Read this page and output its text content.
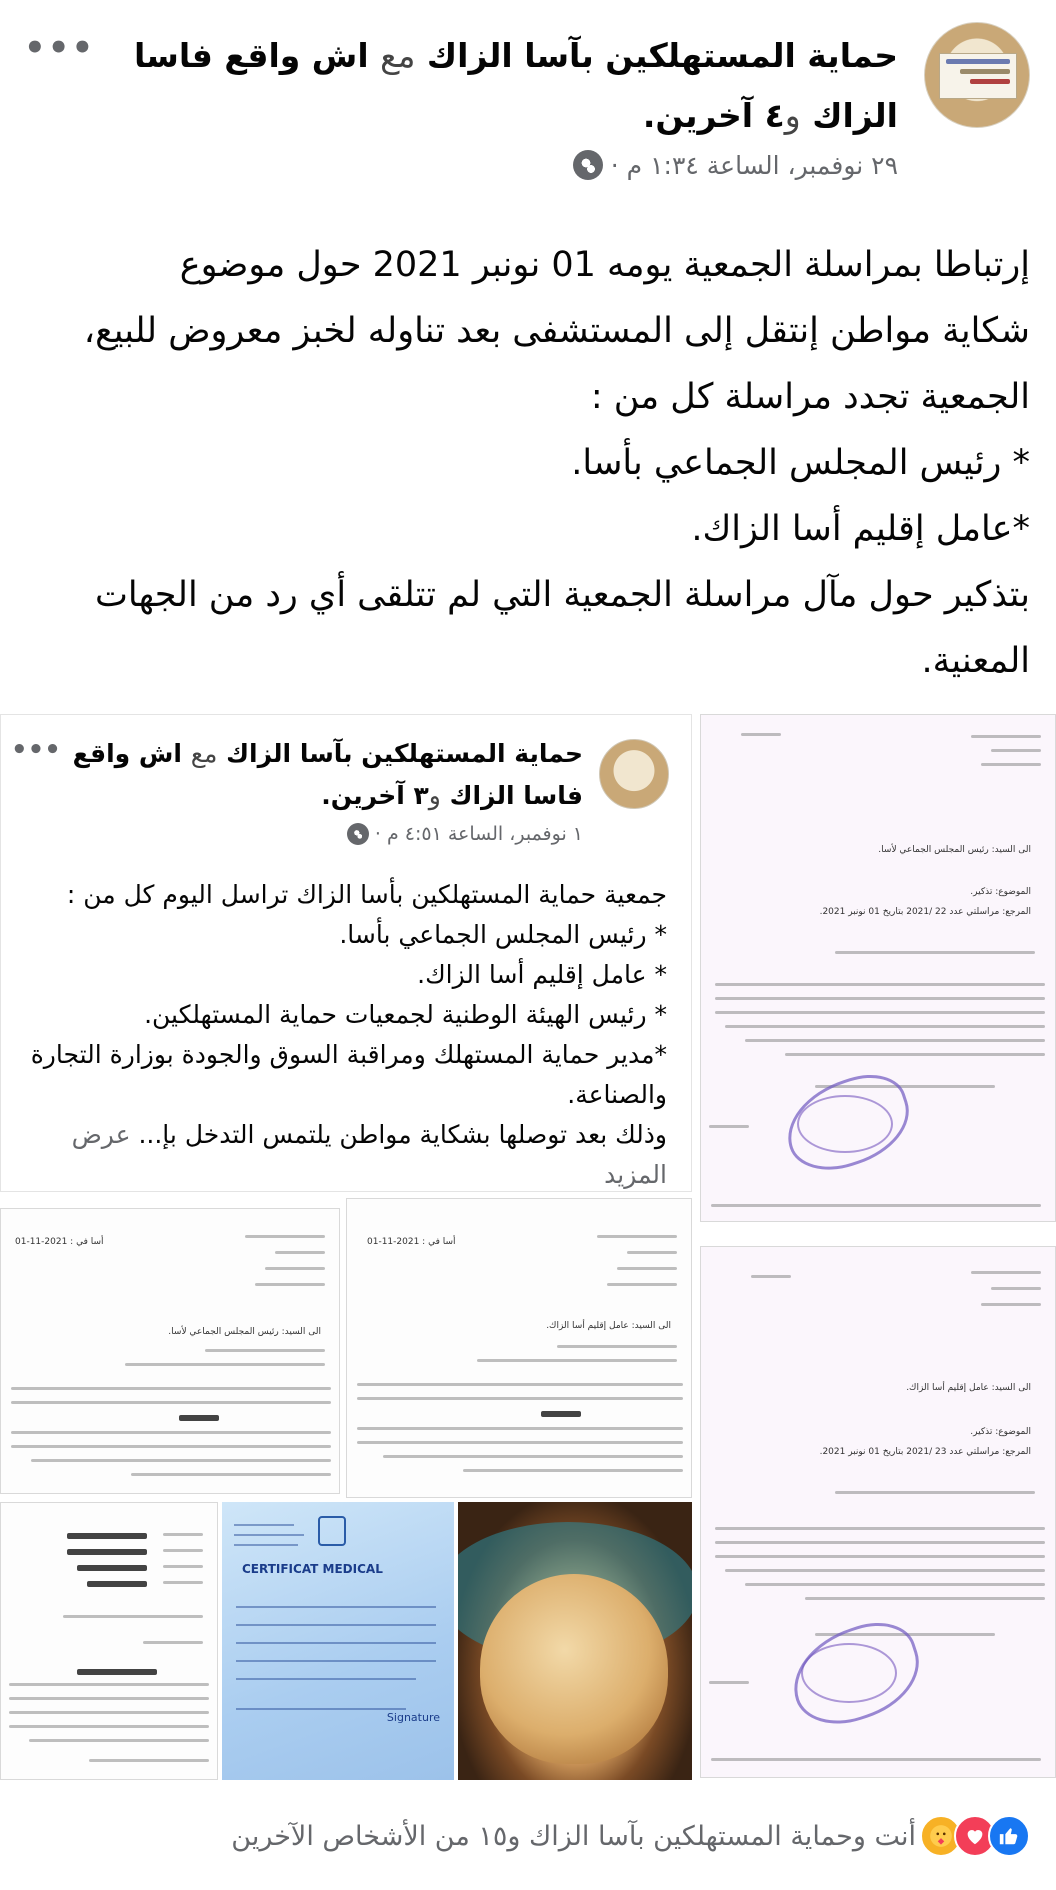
حماية المستهلكين بآسا الزاك مع اش واقع فاسا الزاك و٤ آخرين.
•••
٢٩ نوفمبر، الساعة ١:٣٤ م ·

إرتباطا بمراسلة الجمعية يومه 01 نونبر 2021 حول موضوع

شكاية مواطن إنتقل إلى المستشفى بعد تناوله لخبز معروض للبيع،

الجمعية تجدد مراسلة كل من :

* رئيس المجلس الجماعي بأسا.

*عامل إقليم أسا الزاك.

بتذكير حول مآل مراسلة الجمعية التي لم تتلقى أي رد من الجهات

المعنية.

حماية المستهلكين بآسا الزاك مع اش واقع فاسا الزاك و٣ آخرين.
•••
١ نوفمبر، الساعة ٤:٥١ م ·
جمعية حماية المستهلكين بأسا الزاك تراسل اليوم كل من :
* رئيس المجلس الجماعي بأسا.
* عامل إقليم أسا الزاك.
* رئيس الهيئة الوطنية لجمعيات حماية المستهلكين.
*مدير حماية المستهلك ومراقبة السوق والجودة بوزارة التجارة
والصناعة.
وذلك بعد توصلها بشكاية مواطن يلتمس التدخل بإ... عرض المزيد
الى السيد: رئيس المجلس الجماعي لأسا.
الموضوع: تذكير.
المرجع: مراسلتي عدد 22 /2021 بتاريخ 01 نونبر 2021.
الى السيد: عامل إقليم أسا الزاك.
الموضوع: تذكير.
المرجع: مراسلتي عدد 23 /2021 بتاريخ 01 نونبر 2021.
أسا في : 2021-11-01
الى السيد: رئيس المجلس الجماعي لأسا.
أسا في : 2021-11-01
الى السيد: عامل إقليم أسا الزاك.
CERTIFICAT MEDICAL
Signature
أنت وحماية المستهلكين بآسا الزاك و١٥ من الأشخاص الآخرين
